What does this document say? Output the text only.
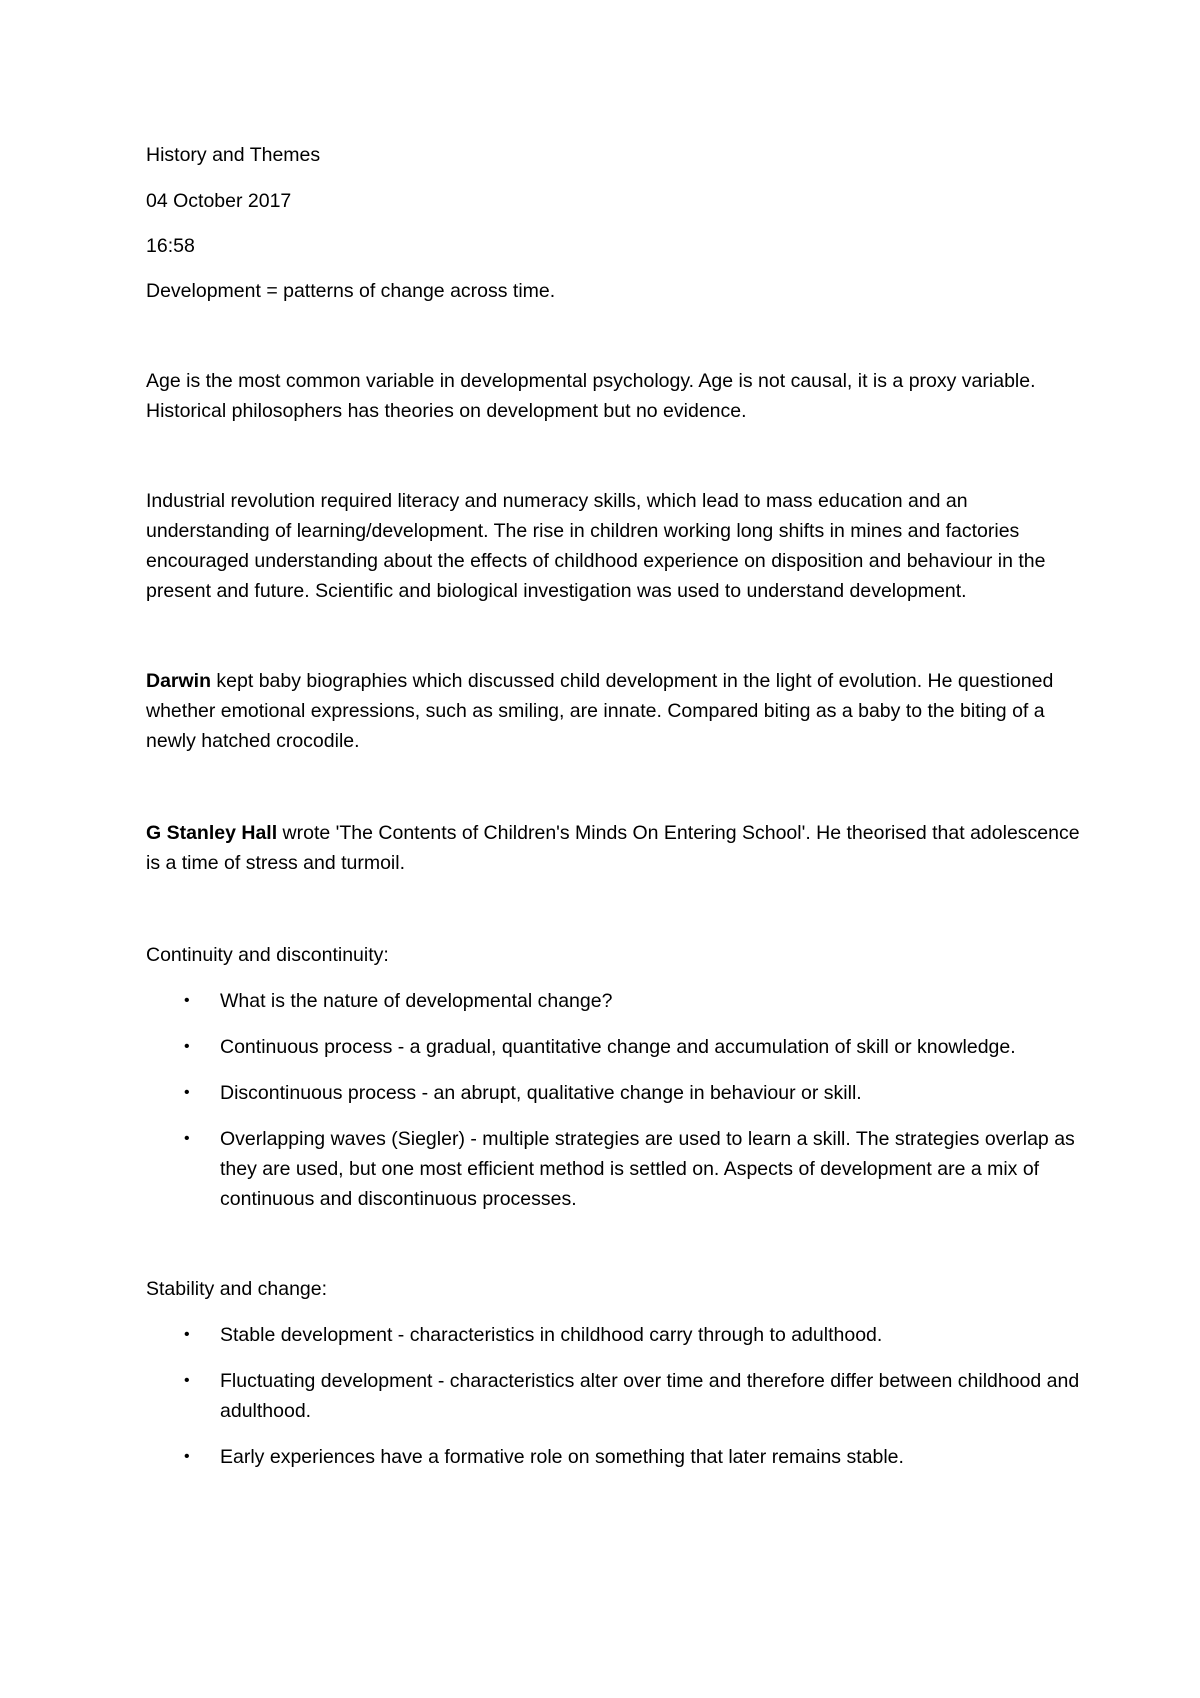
History and Themes
04 October 2017
16:58

Development = patterns of change across time.

Age is the most common variable in developmental psychology. Age is not causal, it is a proxy variable. Historical philosophers has theories on development but no evidence.

Industrial revolution required literacy and numeracy skills, which lead to mass education and an understanding of learning/development. The rise in children working long shifts in mines and factories encouraged understanding about the effects of childhood experience on disposition and behaviour in the present and future. Scientific and biological investigation was used to understand development.

Darwin kept baby biographies which discussed child development in the light of evolution. He questioned whether emotional expressions, such as smiling, are innate. Compared biting as a baby to the biting of a newly hatched crocodile.

G Stanley Hall wrote 'The Contents of Children's Minds On Entering School'. He theorised that adolescence is a time of stress and turmoil.

Continuity and discontinuity:
• What is the nature of developmental change?
• Continuous process - a gradual, quantitative change and accumulation of skill or knowledge.
• Discontinuous process - an abrupt, qualitative change in behaviour or skill.
• Overlapping waves (Siegler) - multiple strategies are used to learn a skill. The strategies overlap as they are used, but one most efficient method is settled on. Aspects of development are a mix of continuous and discontinuous processes.
Stability and change:
• Stable development - characteristics in childhood carry through to adulthood.
• Fluctuating development - characteristics alter over time and therefore differ between childhood and adulthood.
• Early experiences have a formative role on something that later remains stable.
